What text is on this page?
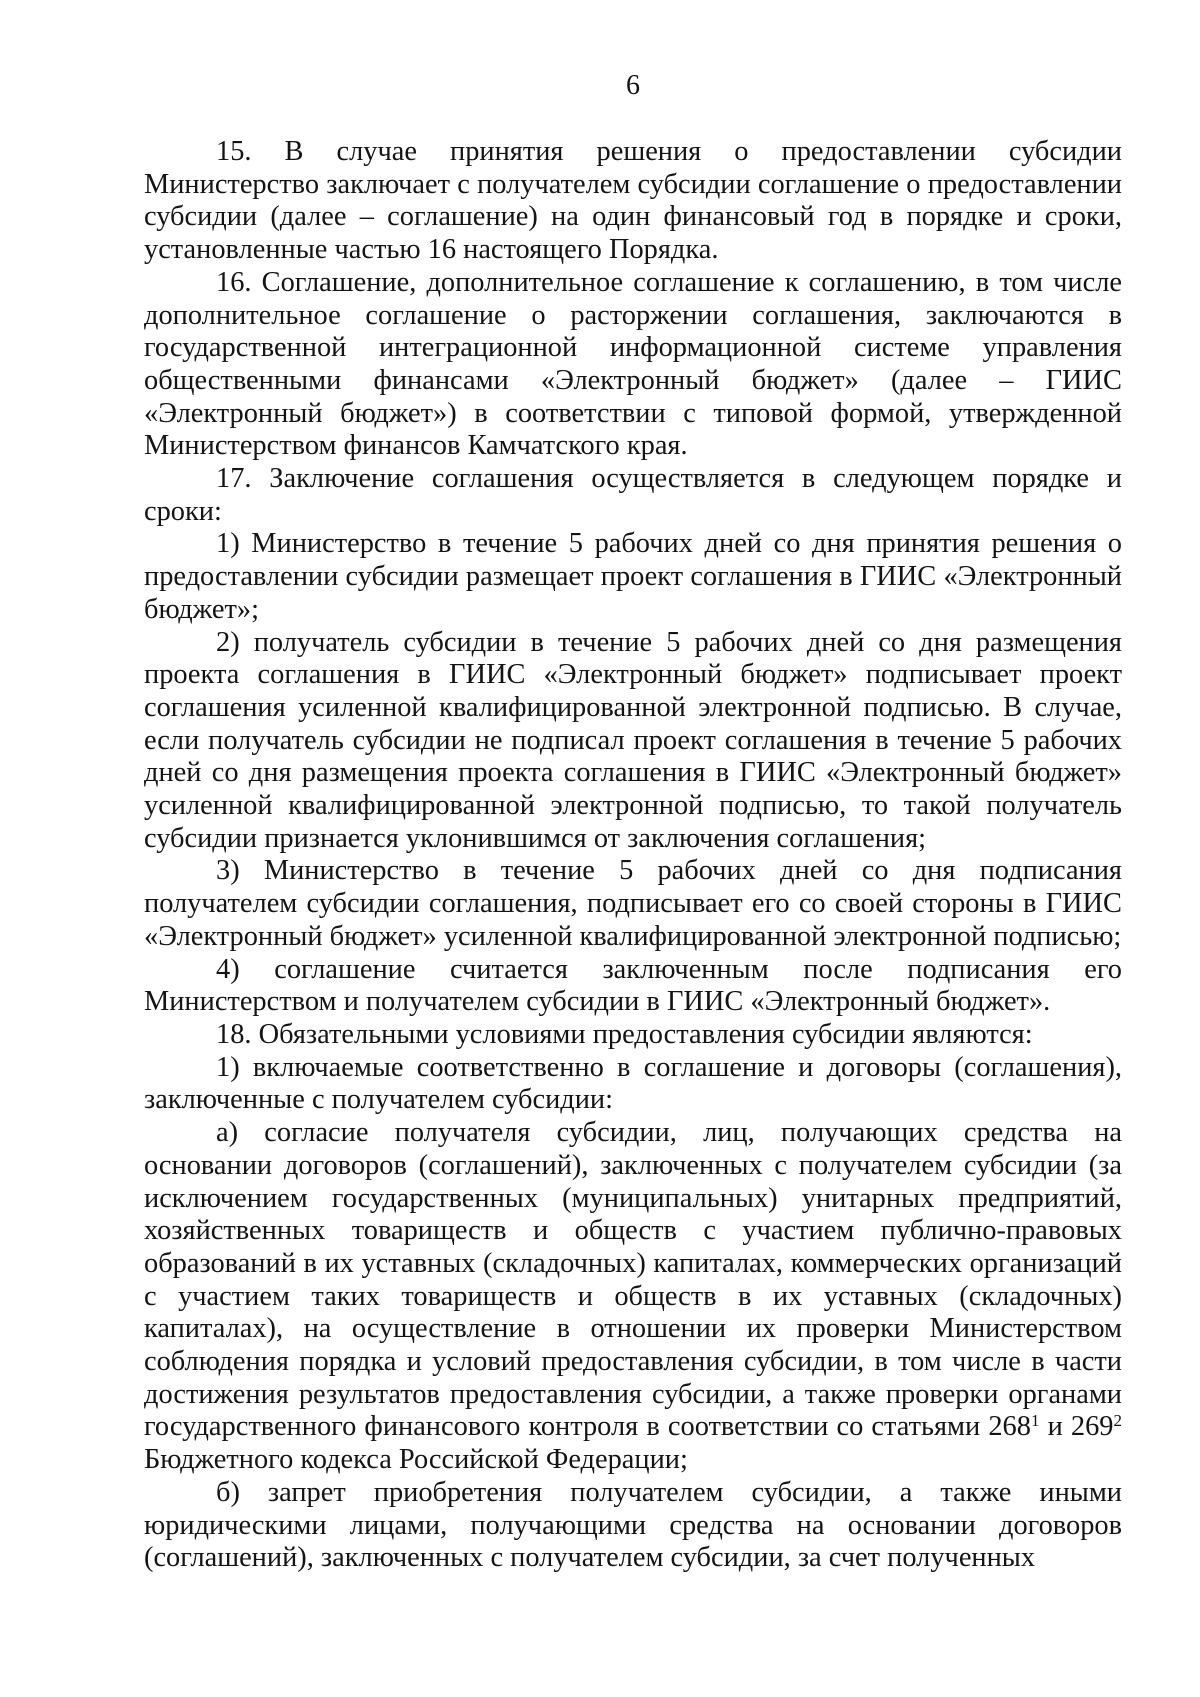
6

15. В случае принятия решения о предоставлении субсидии Министерство заключает с получателем субсидии соглашение о предоставлении субсидии (далее – соглашение) на один финансовый год в порядке и сроки, установленные частью 16 настоящего Порядка.

16. Соглашение, дополнительное соглашение к соглашению, в том числе дополнительное соглашение о расторжении соглашения, заключаются в государственной интеграционной информационной системе управления общественными финансами «Электронный бюджет» (далее – ГИИС «Электронный бюджет») в соответствии с типовой формой, утвержденной Министерством финансов Камчатского края.

17. Заключение соглашения осуществляется в следующем порядке и сроки:

1) Министерство в течение 5 рабочих дней со дня принятия решения о предоставлении субсидии размещает проект соглашения в ГИИС «Электронный бюджет»;

2) получатель субсидии в течение 5 рабочих дней со дня размещения проекта соглашения в ГИИС «Электронный бюджет» подписывает проект соглашения усиленной квалифицированной электронной подписью. В случае, если получатель субсидии не подписал проект соглашения в течение 5 рабочих дней со дня размещения проекта соглашения в ГИИС «Электронный бюджет» усиленной квалифицированной электронной подписью, то такой получатель субсидии признается уклонившимся от заключения соглашения;

3) Министерство в течение 5 рабочих дней со дня подписания получателем субсидии соглашения, подписывает его со своей стороны в ГИИС «Электронный бюджет» усиленной квалифицированной электронной подписью;

4) соглашение считается заключенным после подписания его Министерством и получателем субсидии в ГИИС «Электронный бюджет».

18. Обязательными условиями предоставления субсидии являются:

1) включаемые соответственно в соглашение и договоры (соглашения), заключенные с получателем субсидии:

а) согласие получателя субсидии, лиц, получающих средства на основании договоров (соглашений), заключенных с получателем субсидии (за исключением государственных (муниципальных) унитарных предприятий, хозяйственных товариществ и обществ с участием публично-правовых образований в их уставных (складочных) капиталах, коммерческих организаций с участием таких товариществ и обществ в их уставных (складочных) капиталах), на осуществление в отношении их проверки Министерством соблюдения порядка и условий предоставления субсидии, в том числе в части достижения результатов предоставления субсидии, а также проверки органами государственного финансового контроля в соответствии со статьями $268^1$ и $269^2$ Бюджетного кодекса Российской Федерации;

б) запрет приобретения получателем субсидии, а также иными юридическими лицами, получающими средства на основании договоров (соглашений), заключенных с получателем субсидии, за счет полученных
